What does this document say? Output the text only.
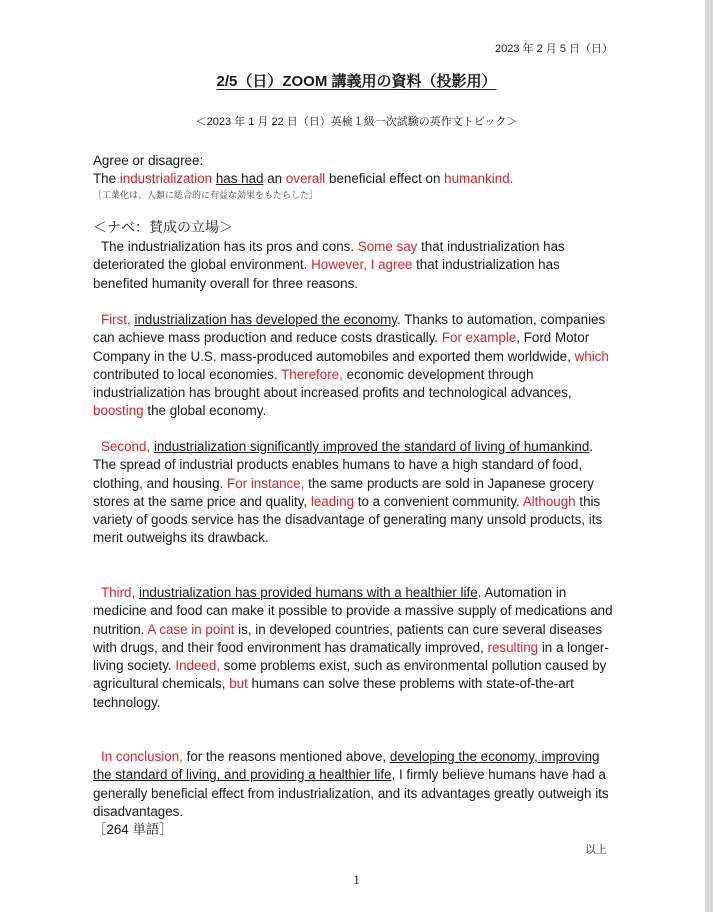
2023 年 2 月 5 日（日）
2/5（日）ZOOM 講義用の資料（投影用）
＜2023 年 1 月 22 日（日）英検１級一次試験の英作文トピック＞

Agree or disagree:

The industrialization has had an overall beneficial effect on humankind.

［工業化は、人類に総合的に有益な効果をもたらした］

＜ナベ：賛成の立場＞

The industrialization has its pros and cons. Some say that industrialization has deteriorated the global environment. However, I agree that industrialization has benefited humanity overall for three reasons.

First, industrialization has developed the economy. Thanks to automation, companies can achieve mass production and reduce costs drastically. For example, Ford Motor Company in the U.S. mass-produced automobiles and exported them worldwide, which contributed to local economies. Therefore, economic development through industrialization has brought about increased profits and technological advances, boosting the global economy.

Second, industrialization significantly improved the standard of living of humankind. The spread of industrial products enables humans to have a high standard of food, clothing, and housing. For instance, the same products are sold in Japanese grocery stores at the same price and quality, leading to a convenient community. Although this variety of goods service has the disadvantage of generating many unsold products, its merit outweighs its drawback.

Third, industrialization has provided humans with a healthier life. Automation in medicine and food can make it possible to provide a massive supply of medications and nutrition. A case in point is, in developed countries, patients can cure several diseases with drugs, and their food environment has dramatically improved, resulting in a longer-living society. Indeed, some problems exist, such as environmental pollution caused by agricultural chemicals, but humans can solve these problems with state-of-the-art technology.

In conclusion, for the reasons mentioned above, developing the economy, improving the standard of living, and providing a healthier life, I firmly believe humans have had a generally beneficial effect from industrialization, and its advantages greatly outweigh its disadvantages.

［264 単語］

以上
1
